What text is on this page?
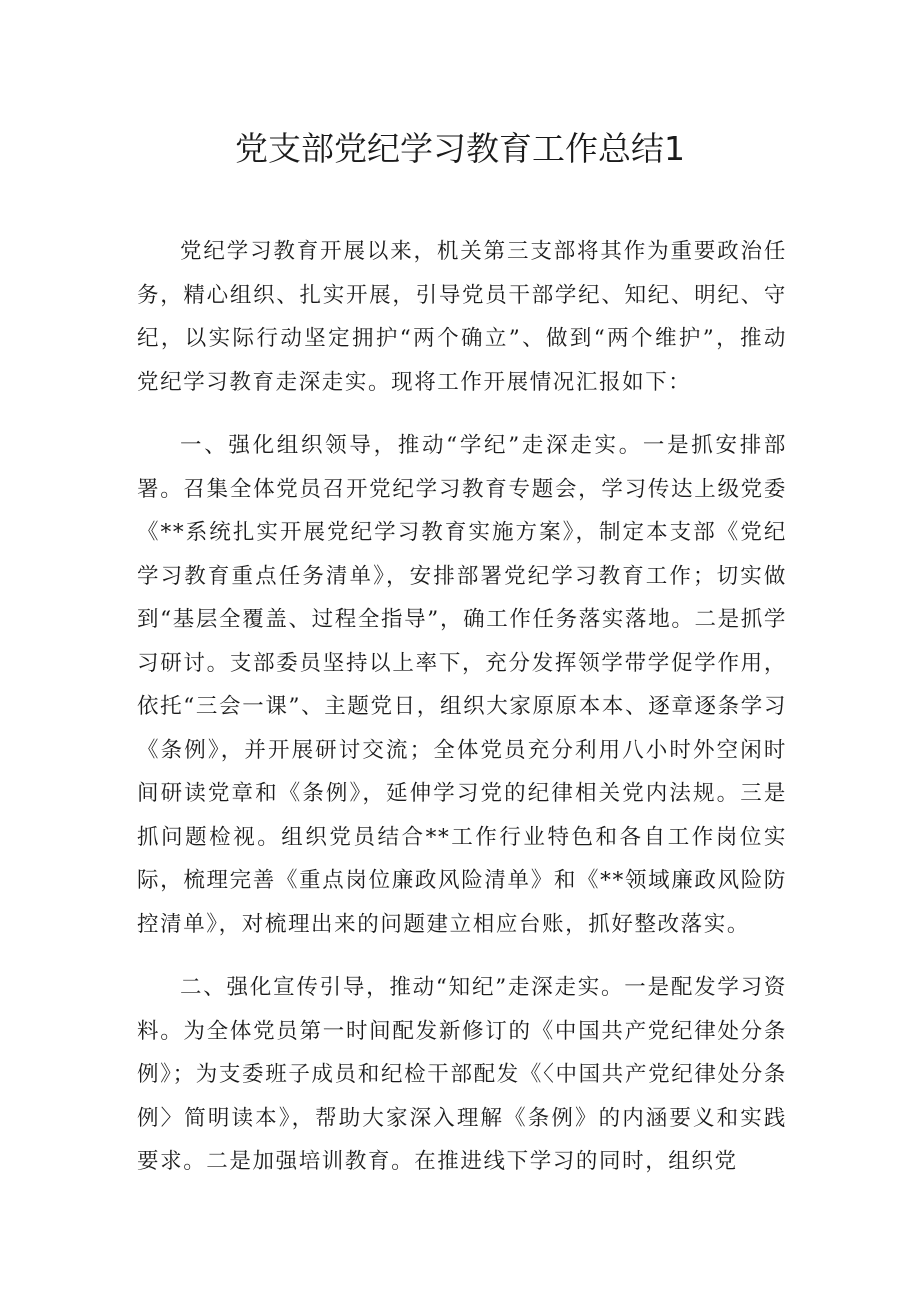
党支部党纪学习教育工作总结1

党纪学习教育开展以来，机关第三支部将其作为重要政治任务，精心组织、扎实开展，引导党员干部学纪、知纪、明纪、守纪，以实际行动坚定拥护“两个确立”、做到“两个维护”，推动党纪学习教育走深走实。现将工作开展情况汇报如下：

一、强化组织领导，推动“学纪”走深走实。一是抓安排部署。召集全体党员召开党纪学习教育专题会，学习传达上级党委《**系统扎实开展党纪学习教育实施方案》，制定本支部《党纪学习教育重点任务清单》，安排部署党纪学习教育工作；切实做到“基层全覆盖、过程全指导”，确工作任务落实落地。二是抓学习研讨。支部委员坚持以上率下，充分发挥领学带学促学作用，依托“三会一课”、主题党日，组织大家原原本本、逐章逐条学习《条例》，并开展研讨交流；全体党员充分利用八小时外空闲时间研读党章和《条例》，延伸学习党的纪律相关党内法规。三是抓问题检视。组织党员结合**工作行业特色和各自工作岗位实际，梳理完善《重点岗位廉政风险清单》和《**领域廉政风险防控清单》，对梳理出来的问题建立相应台账，抓好整改落实。

二、强化宣传引导，推动“知纪”走深走实。一是配发学习资料。为全体党员第一时间配发新修订的《中国共产党纪律处分条例》；为支委班子成员和纪检干部配发《〈中国共产党纪律处分条例〉简明读本》，帮助大家深入理解《条例》的内涵要义和实践要求。二是加强培训教育。在推进线下学习的同时，组织党
